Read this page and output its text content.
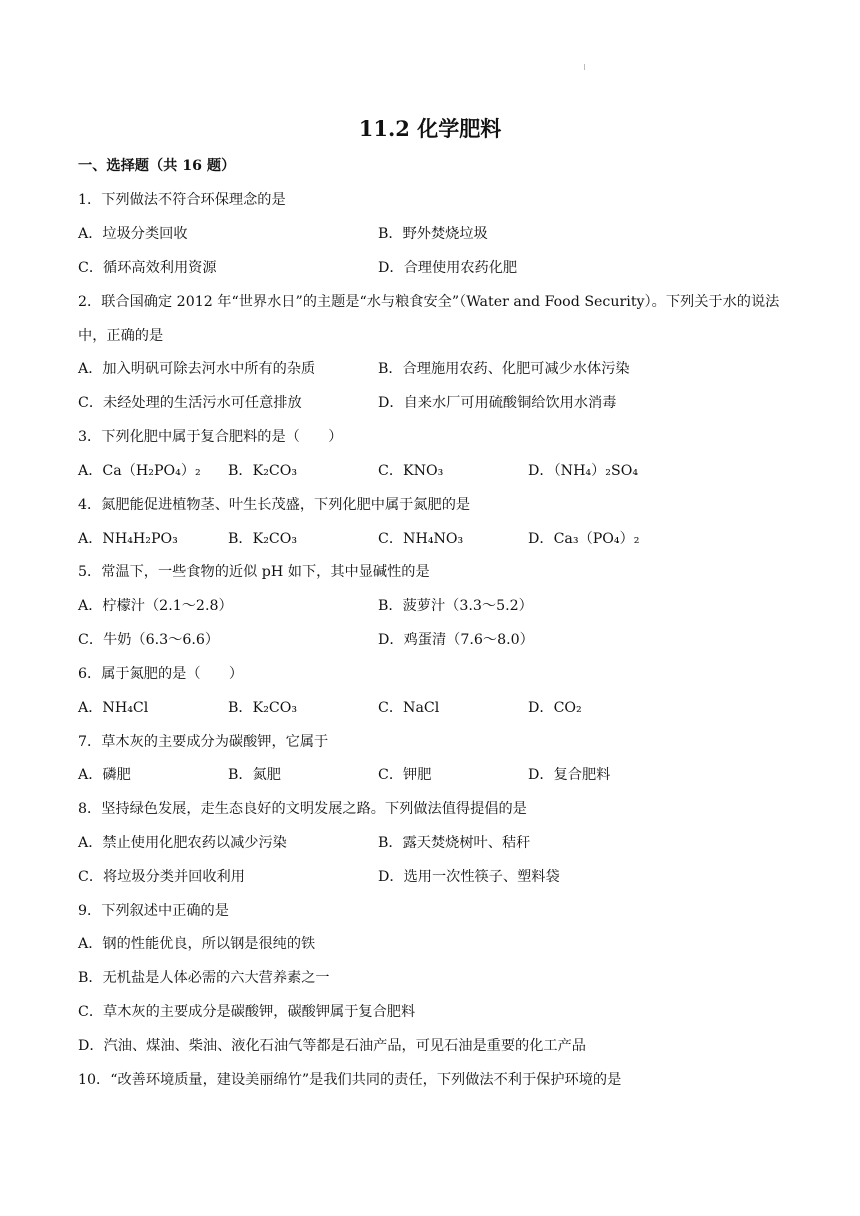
11.2 化学肥料
一、选择题（共 16 题）
1．下列做法不符合环保理念的是
A．垃圾分类回收	B．野外焚烧垃圾
C．循环高效利用资源	D．合理使用农药化肥
2．联合国确定 2012 年“世界水日”的主题是“水与粮食安全”（Water and Food Security）。下列关于水的说法
中，正确的是
A．加入明矾可除去河水中所有的杂质	B．合理施用农药、化肥可减少水体污染
C．未经处理的生活污水可任意排放	D．自来水厂可用硫酸铜给饮用水消毒
3．下列化肥中属于复合肥料的是（　　）
A．Ca（H₂PO₄）₂ B．K₂CO₃	C．KNO₃	D．（NH₄）₂SO₄
4．氮肥能促进植物茎、叶生长茂盛，下列化肥中属于氮肥的是
A．NH₄H₂PO₃	B．K₂CO₃	C．NH₄NO₃	D．Ca₃（PO₄）₂
5．常温下，一些食物的近似 pH 如下，其中显碱性的是
A．柠檬汁（2.1～2.8）	B．菠萝汁（3.3～5.2）
C．牛奶（6.3～6.6）	D．鸡蛋清（7.6～8.0）
6．属于氮肥的是（　　）
A．NH₄Cl	B．K₂CO₃	C．NaCl	D．CO₂
7．草木灰的主要成分为碳酸钾，它属于
A．磷肥	B．氮肥	C．钾肥	D．复合肥料
8．坚持绿色发展，走生态良好的文明发展之路。下列做法值得提倡的是
A．禁止使用化肥农药以减少污染	B．露天焚烧树叶、秸秆
C．将垃圾分类并回收利用	D．选用一次性筷子、塑料袋
9．下列叙述中正确的是
A．钢的性能优良，所以钢是很纯的铁
B．无机盐是人体必需的六大营养素之一
C．草木灰的主要成分是碳酸钾，碳酸钾属于复合肥料
D．汽油、煤油、柴油、液化石油气等都是石油产品，可见石油是重要的化工产品
10．“改善环境质量，建设美丽绵竹”是我们共同的责任，下列做法不利于保护环境的是
